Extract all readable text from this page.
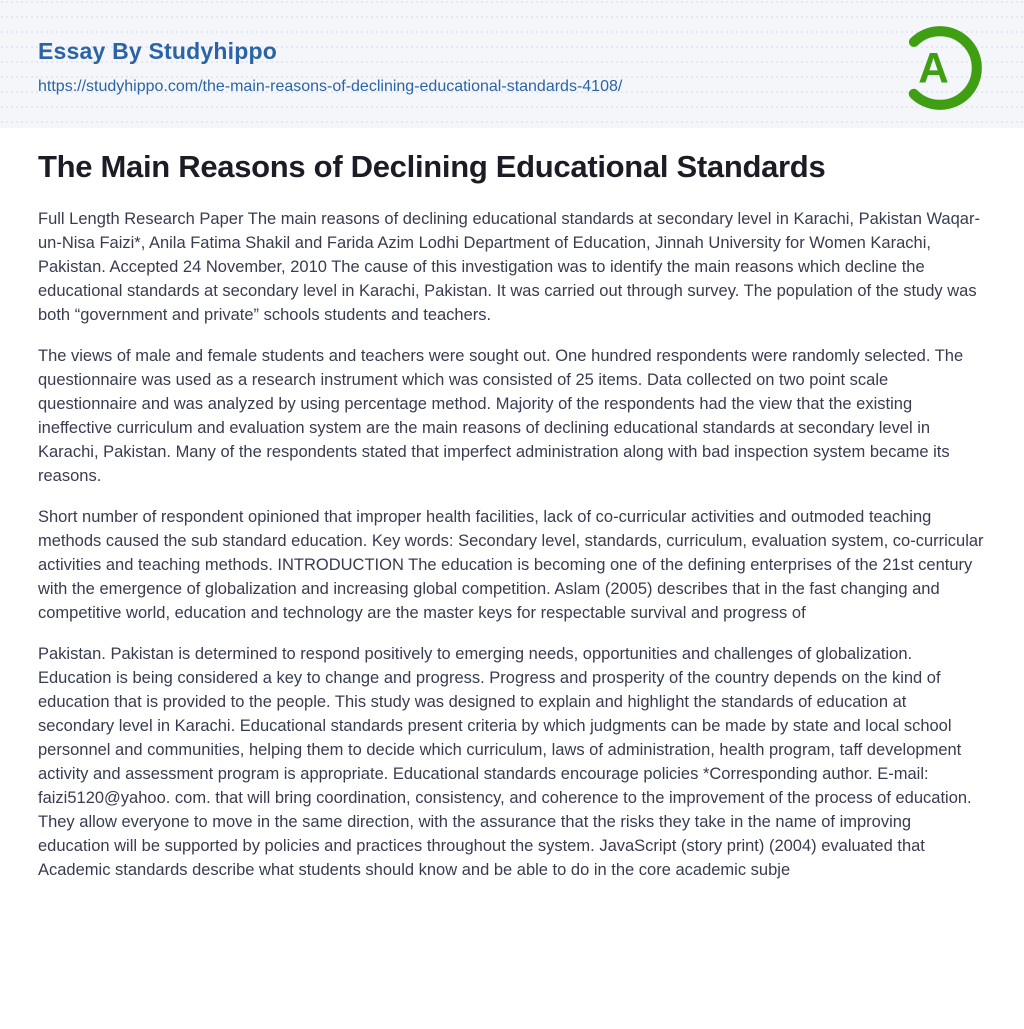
Essay By Studyhippo
https://studyhippo.com/the-main-reasons-of-declining-educational-standards-4108/	A
The Main Reasons of Declining Educational Standards

Full Length Research Paper The main reasons of declining educational standards at secondary level in Karachi, Pakistan Waqar-un-Nisa Faizi*, Anila Fatima Shakil and Farida Azim Lodhi Department of Education, Jinnah University for Women Karachi, Pakistan. Accepted 24 November, 2010 The cause of this investigation was to identify the main reasons which decline the educational standards at secondary level in Karachi, Pakistan. It was carried out through survey. The population of the study was both “government and private” schools students and teachers.

The views of male and female students and teachers were sought out. One hundred respondents were randomly selected. The questionnaire was used as a research instrument which was consisted of 25 items. Data collected on two point scale questionnaire and was analyzed by using percentage method. Majority of the respondents had the view that the existing ineffective curriculum and evaluation system are the main reasons of declining educational standards at secondary level in Karachi, Pakistan. Many of the respondents stated that imperfect administration along with bad inspection system became its reasons.

Short number of respondent opinioned that improper health facilities, lack of co-curricular activities and outmoded teaching methods caused the sub standard education. Key words: Secondary level, standards, curriculum, evaluation system, co-curricular activities and teaching methods. INTRODUCTION The education is becoming one of the defining enterprises of the 21st century with the emergence of globalization and increasing global competition. Aslam (2005) describes that in the fast changing and competitive world, education and technology are the master keys for respectable survival and progress of

Pakistan. Pakistan is determined to respond positively to emerging needs, opportunities and challenges of globalization. Education is being considered a key to change and progress. Progress and prosperity of the country depends on the kind of education that is provided to the people. This study was designed to explain and highlight the standards of education at secondary level in Karachi. Educational standards present criteria by which judgments can be made by state and local school personnel and communities, helping them to decide which curriculum, laws of administration, health program, taff development activity and assessment program is appropriate. Educational standards encourage policies *Corresponding author. E-mail: faizi5120@yahoo. com. that will bring coordination, consistency, and coherence to the improvement of the process of education. They allow everyone to move in the same direction, with the assurance that the risks they take in the name of improving education will be supported by policies and practices throughout the system. JavaScript (story print) (2004) evaluated that Academic standards describe what students should know and be able to do in the core academic subje
